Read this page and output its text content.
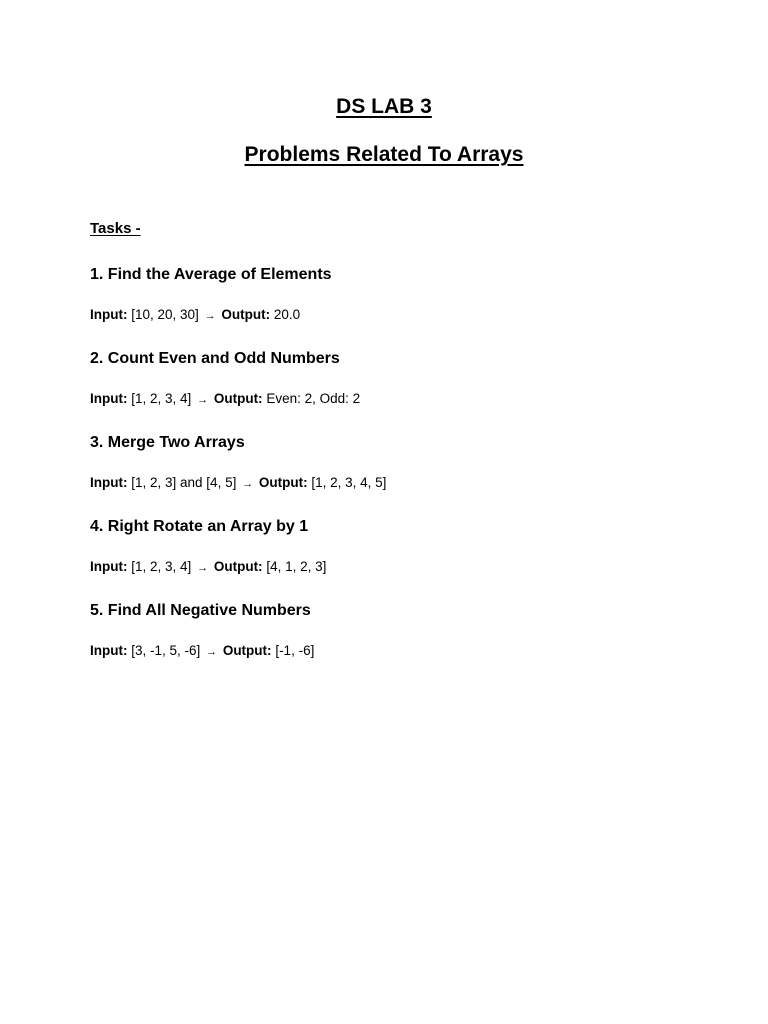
DS LAB 3
Problems Related To Arrays

Tasks -

1. Find the Average of Elements

Input: [10, 20, 30] → Output: 20.0

2. Count Even and Odd Numbers

Input: [1, 2, 3, 4] → Output: Even: 2, Odd: 2

3. Merge Two Arrays

Input: [1, 2, 3] and [4, 5] → Output: [1, 2, 3, 4, 5]

4. Right Rotate an Array by 1

Input: [1, 2, 3, 4] → Output: [4, 1, 2, 3]

5. Find All Negative Numbers

Input: [3, -1, 5, -6] → Output: [-1, -6]
